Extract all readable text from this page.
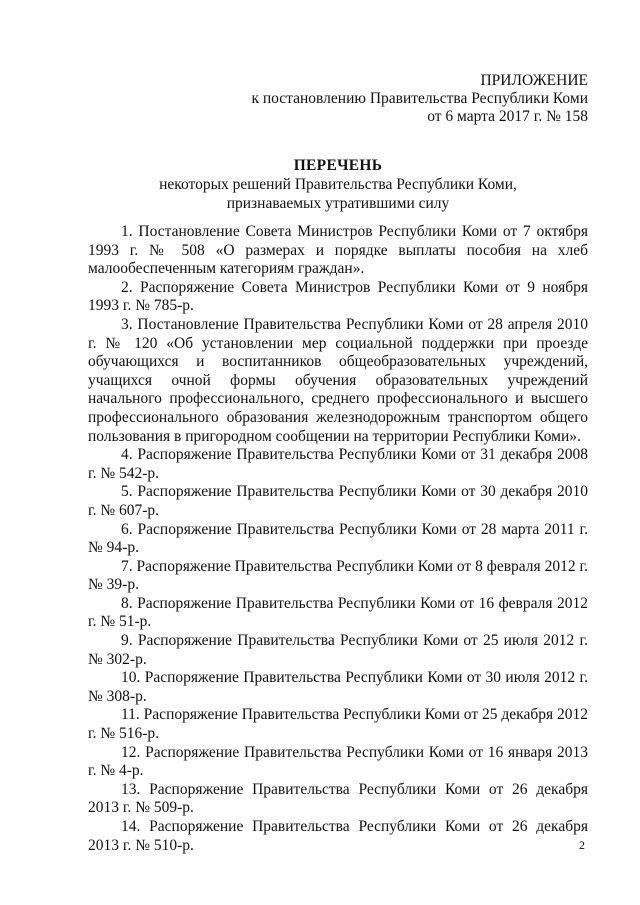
ПРИЛОЖЕНИЕ
к постановлению Правительства Республики Коми
от 6 марта 2017 г. № 158
ПЕРЕЧЕНЬ
некоторых решений Правительства Республики Коми,
признаваемых утратившими силу

1. Постановление Совета Министров Республики Коми от 7 октября 1993 г. № 508 «О размерах и порядке выплаты пособия на хлеб малообеспеченным категориям граждан».

2. Распоряжение Совета Министров Республики Коми от 9 ноября 1993 г. № 785-р.

3. Постановление Правительства Республики Коми от 28 апреля 2010 г. № 120 «Об установлении мер социальной поддержки при проезде обучающихся и воспитанников общеобразовательных учреждений, учащихся очной формы обучения образовательных учреждений начального профессионального, среднего профессионального и высшего профессионального образования железнодорожным транспортом общего пользования в пригородном сообщении на территории Республики Коми».

4. Распоряжение Правительства Республики Коми от 31 декабря 2008 г. № 542-р.

5. Распоряжение Правительства Республики Коми от 30 декабря 2010 г. № 607-р.

6. Распоряжение Правительства Республики Коми от 28 марта 2011 г. № 94-р.

7. Распоряжение Правительства Республики Коми от 8 февраля 2012 г. № 39-р.

8. Распоряжение Правительства Республики Коми от 16 февраля 2012 г. № 51-р.

9. Распоряжение Правительства Республики Коми от 25 июля 2012 г. № 302-р.

10. Распоряжение Правительства Республики Коми от 30 июля 2012 г. № 308-р.

11. Распоряжение Правительства Республики Коми от 25 декабря 2012 г. № 516-р.

12. Распоряжение Правительства Республики Коми от 16 января 2013 г. № 4-р.

13. Распоряжение Правительства Республики Коми от 26 декабря 2013 г. № 509-р.

14. Распоряжение Правительства Республики Коми от 26 декабря 2013 г. № 510-р.	2
